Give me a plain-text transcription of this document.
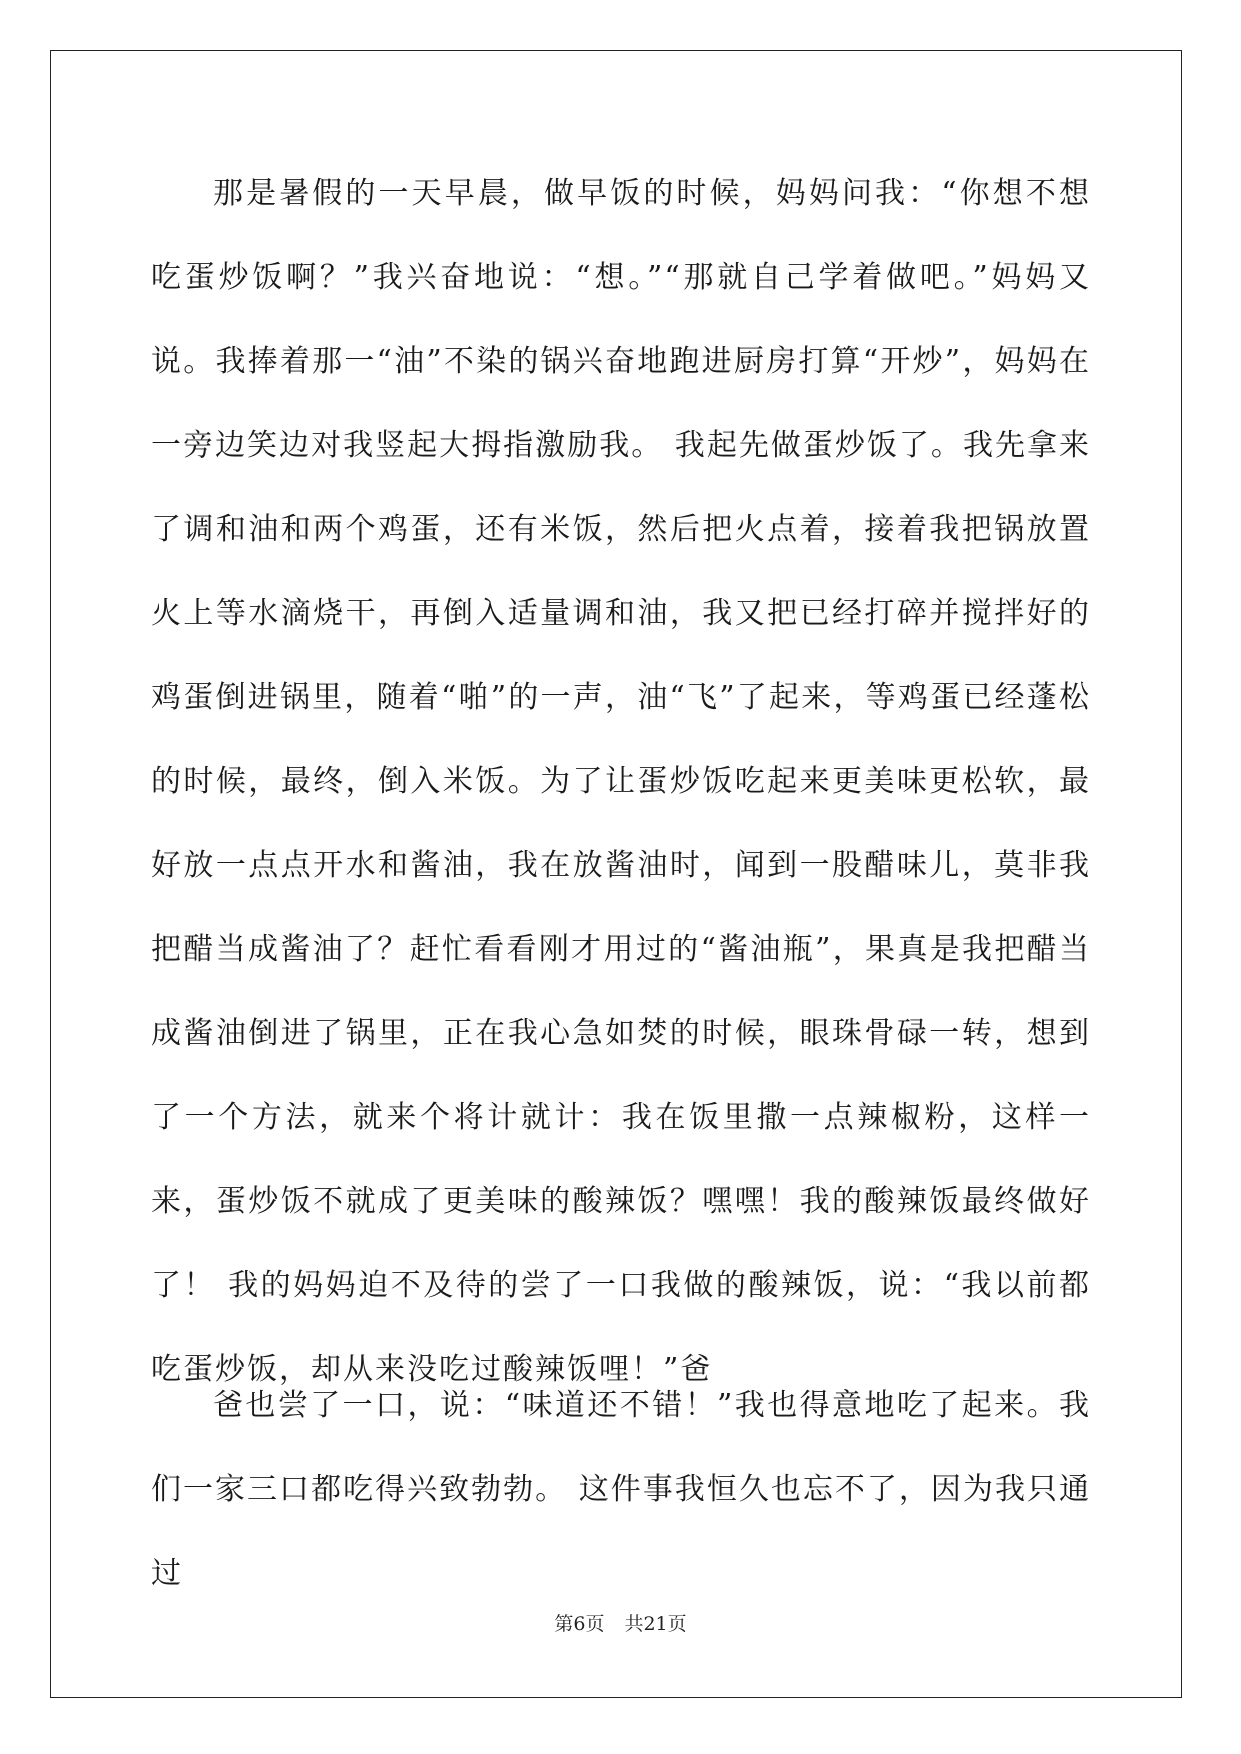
那是暑假的一天早晨，做早饭的时候，妈妈问我：“你想不想吃蛋炒饭啊？”我兴奋地说：“想。”“那就自己学着做吧。”妈妈又说。我捧着那一“油”不染的锅兴奋地跑进厨房打算“开炒”，妈妈在一旁边笑边对我竖起大拇指激励我。 我起先做蛋炒饭了。我先拿来了调和油和两个鸡蛋，还有米饭，然后把火点着，接着我把锅放置火上等水滴烧干，再倒入适量调和油，我又把已经打碎并搅拌好的鸡蛋倒进锅里，随着“啪”的一声，油“飞”了起来，等鸡蛋已经蓬松的时候，最终，倒入米饭。为了让蛋炒饭吃起来更美味更松软，最好放一点点开水和酱油，我在放酱油时，闻到一股醋味儿，莫非我把醋当成酱油了？赶忙看看刚才用过的“酱油瓶”，果真是我把醋当成酱油倒进了锅里，正在我心急如焚的时候，眼珠骨碌一转，想到了一个方法，就来个将计就计：我在饭里撒一点辣椒粉，这样一来，蛋炒饭不就成了更美味的酸辣饭？嘿嘿！我的酸辣饭最终做好了！ 我的妈妈迫不及待的尝了一口我做的酸辣饭，说：“我以前都吃蛋炒饭，却从来没吃过酸辣饭哩！”爸

爸也尝了一口，说：“味道还不错！”我也得意地吃了起来。我们一家三口都吃得兴致勃勃。 这件事我恒久也忘不了，因为我只通过

第6页 共21页
